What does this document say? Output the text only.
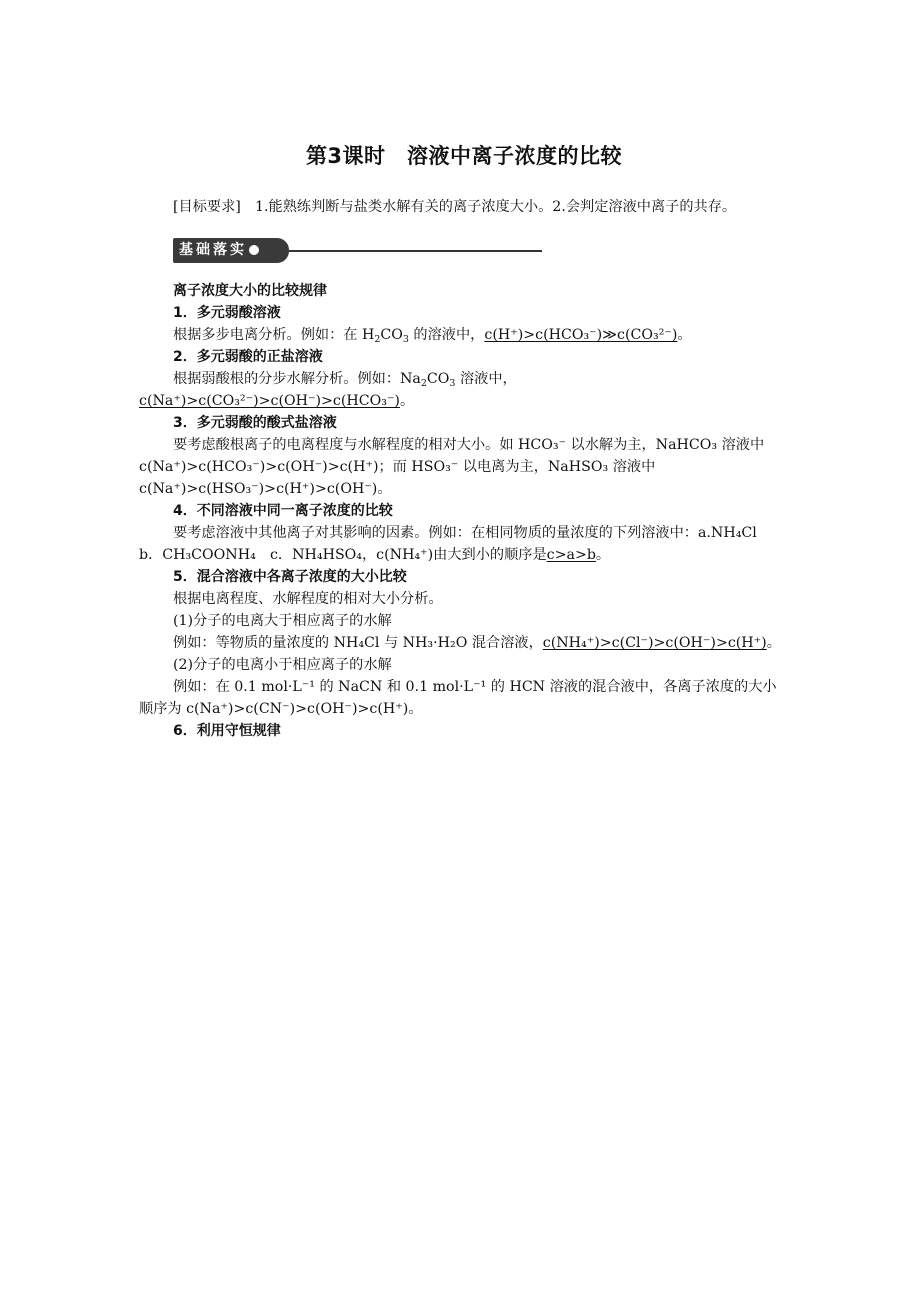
第3课时　溶液中离子浓度的比较

[目标要求]　1.能熟练判断与盐类水解有关的离子浓度大小。2.会判定溶液中离子的共存。

基础落实

离子浓度大小的比较规律

1．多元弱酸溶液

根据多步电离分析。例如：在 $H_2CO_3$ 的溶液中，c(H⁺)>c(HCO₃⁻)≫c(CO₃²⁻)。

2．多元弱酸的正盐溶液

根据弱酸根的分步水解分析。例如：$Na_2CO_3$ 溶液中，c(Na⁺)>c(CO₃²⁻)>c(OH⁻)>c(HCO₃⁻)。

3．多元弱酸的酸式盐溶液

要考虑酸根离子的电离程度与水解程度的相对大小。如 HCO₃⁻ 以水解为主，NaHCO₃ 溶液中 c(Na⁺)>c(HCO₃⁻)>c(OH⁻)>c(H⁺)；而 HSO₃⁻ 以电离为主，NaHSO₃ 溶液中 c(Na⁺)>c(HSO₃⁻)>c(H⁺)>c(OH⁻)。

4．不同溶液中同一离子浓度的比较

要考虑溶液中其他离子对其影响的因素。例如：在相同物质的量浓度的下列溶液中：a.NH₄Cl　b．CH₃COONH₄　c．NH₄HSO₄，c(NH₄⁺)由大到小的顺序是c>a>b。

5．混合溶液中各离子浓度的大小比较

根据电离程度、水解程度的相对大小分析。

(1)分子的电离大于相应离子的水解

例如：等物质的量浓度的 NH₄Cl 与 NH₃·H₂O 混合溶液，c(NH₄⁺)>c(Cl⁻)>c(OH⁻)>c(H⁺)。

(2)分子的电离小于相应离子的水解

例如：在 0.1 mol·L⁻¹ 的 NaCN 和 0.1 mol·L⁻¹ 的 HCN 溶液的混合液中，各离子浓度的大小顺序为 c(Na⁺)>c(CN⁻)>c(OH⁻)>c(H⁺)。

6．利用守恒规律
